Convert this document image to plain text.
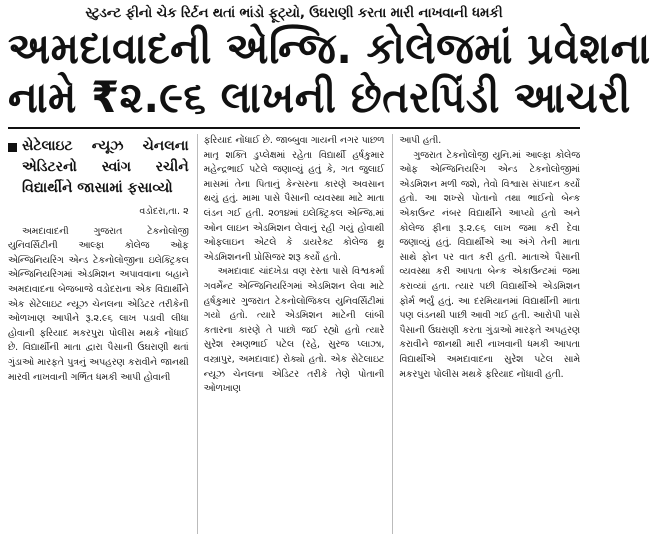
સ્ટુડન્ટ ફીનો ચેક રિર્ટન થતાં ભાંડો ફૂટ્યો, ઉઘરાણી કરતા મારી નાખવાની ધમકી
અમદાવાદની એન્જિ. કોલેજમાં પ્રવેશના
નામે ₹૨.૯૬ લાખની છેતરપિંડી આચરી
સેટેલાઇટ ન્યૂઝ ચેનલના એડિટરનો સ્વાંગ રચીને વિદ્યાર્થીને જાસામાં ફસાવ્યો
વડોદરા,તા. ૨

અમદાવાદની ગુજરાત ટેકનોલોજી યુનિવર્સિટીની આલ્ફા કોલેજ ઓફ એન્જિનિયરિંગ એન્ડ ટેકનોલોજીના ઇલેક્ટ્રિકલ એન્જિનિયરિંગમાં એડમિશન અપાવવાના બહાને અમદાવાદના બેજબાજે વડોદરાના એક વિદ્યાર્થીને એક સેટેલાઇટ ન્યૂઝ ચેનલના એડિટર તરીકેની ઓળખાણ આપીને રૂ.૨.૯૬ લાખ પડાવી લીધા હોવાની ફરિયાદ મકરપુરા પોલીસ મથકે નોંધાઈ છે. વિદ્યાર્થીની માતા દ્વારા પૈસાની ઉઘરાણી થતાં ગુંડાઓ મારફતે પુત્રનું અપહરણ કરાવીને જાનથી મારવી નાખવાની ગર્ભિત ધમકી આપી હોવાની

ફરિયાદ નોંધાઈ છે. જાબ્બુવા ગાયની નગર પાછળ માતૃ શક્તિ ડુપ્લેક્ષમાં રહેતા વિદ્યાર્થી હર્ષકુમાર મહેન્દ્રભાઈ પટેલે જણાવ્યું હતું કે, ગત જુલાઈ માસમાં તેના પિતાનું કેન્સરના કારણે અવસાન થયું હતું. મામા પાસે પૈસાની વ્યવસ્થા માટે માતા લંડન ગઈ હતી. ૨૦૧૪માં ઇલેક્ટ્રિકલ એન્જિ.માં ઓન લાઇન એડમિશન લેવાનું રહી ગયું હોવાથી ઓફલાઇન એટલે કે ડાયરેક્ટ કોલેજ થ્રુ એડમિશનની પ્રોસિજર શરૂ કર્યો હતો.

અમદાવાદ ચાંદખેડા વણ રસ્તા પાસે વિશ્વકર્મા ગવર્મેન્ટ એન્જિનિયરિંગમાં એડમિશન લેવા માટે હર્ષકુમાર ગુજરાત ટેકનોલોજિકલ યુનિવર્સિટીમાં ગયો હતો. ત્યારે એડમિશન માટેની લાંબી કતારના કારણે તે પાછો જઈ રહ્યો હતો ત્યારે સુરેશ રમણભાઈ પટેલ (રહે, સુરજ પ્લાઝા, વસ્ત્રાપુર, અમદાવાદ) રોક્યો હતો. એક સેટેલાઇટ ન્યૂઝ ચેનલના એડિટર તરીકે તેણે પોતાની ઓળખાણ

આપી હતી.

ગુજરાત ટેકનોલોજી યુનિ.માં આલ્ફા કોલેજ ઓફ એન્જિનિયરિંગ એન્ડ ટેકનોલોજીમાં એડમિશન મળી જશે, તેવો વિશ્વાસ સંપાદન કર્યો હતો. આ શખ્સે પોતાનો તથા ભાઈનો બેન્ક એકાઉન્ટ નંબર વિદ્યાર્થીને આપ્યો હતો અને કોલેજ ફીના રૂ.૨.૯૬ લાખ જમા કરી દેવા જણાવ્યું હતું. વિદ્યાર્થીએ આ અંગે તેની માતા સાથે ફોન પર વાત કરી હતી. માતાએ પૈસાની વ્યવસ્થા કરી આપતા બેન્ક એકાઉન્ટમાં જમા કરાવ્યાં હતા. ત્યાર પછી વિદ્યાર્થીએ એડમિશન ફોર્મ ભર્યું હતું. આ દરમિયાનમાં વિદ્યાર્થીની માતા પણ લંડનથી પાછી આવી ગઈ હતી. આરોપી પાસે પૈસાની ઉઘરાણી કરતા ગુંડાઓ મારફતે અપહરણ કરાવીને જાનથી મારી નાખવાની ધમકી આપતા વિદ્યાર્થીએ અમદાવાદના સુરેશ પટેલ સામે મકરપુરા પોલીસ મથકે ફરિયાદ નોંધાવી હતી.
